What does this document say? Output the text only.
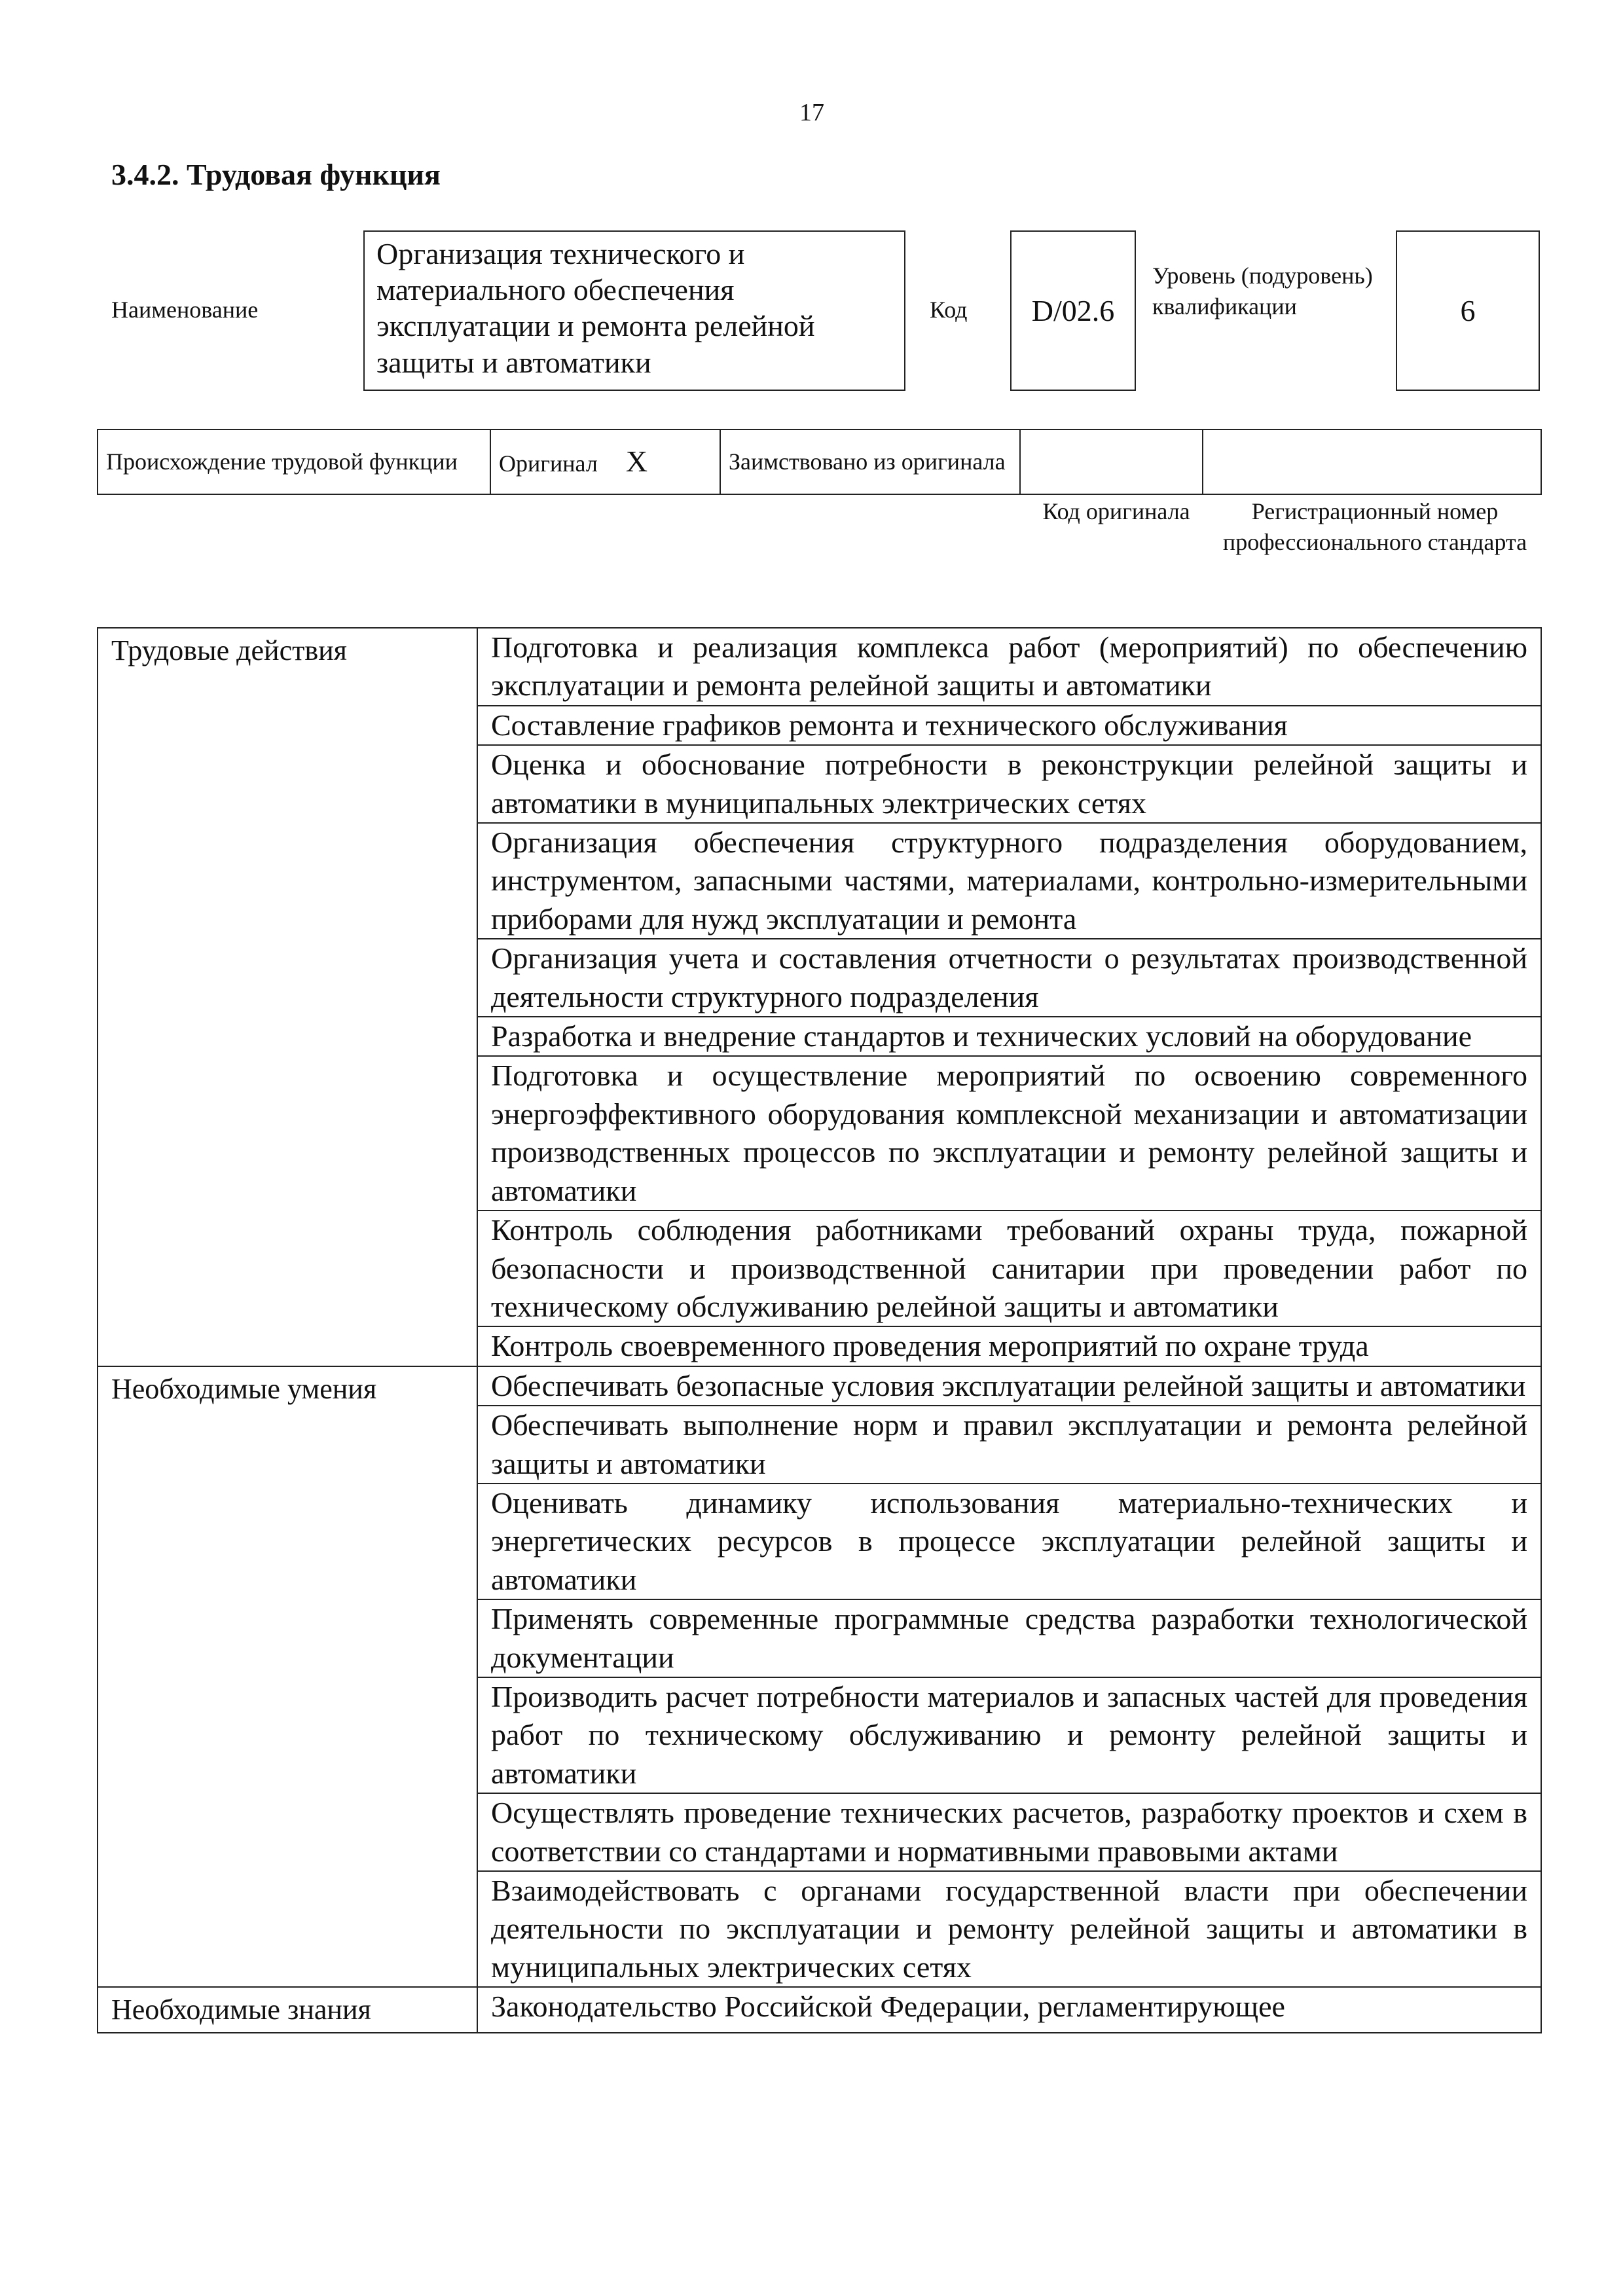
17
3.4.2. Трудовая функция
Наименование
Организация технического и материального обеспечения эксплуатации и ремонта релейной защиты и автоматики
Код	D/02.6
Уровень (подуровень) квалификации	6
Происхождение трудовой функции	Оригинал X	Заимствовано из оригинала		
Код оригинала	Регистрационный номер профессионального стандарта
Трудовые действия	Подготовка и реализация комплекса работ (мероприятий) по обеспечению эксплуатации и ремонта релейной защиты и автоматики
	Составление графиков ремонта и технического обслуживания
	Оценка и обоснование потребности в реконструкции релейной защиты и автоматики в муниципальных электрических сетях
	Организация обеспечения структурного подразделения оборудованием, инструментом, запасными частями, материалами, контрольно-измерительными приборами для нужд эксплуатации и ремонта
	Организация учета и составления отчетности о результатах производственной деятельности структурного подразделения
	Разработка и внедрение стандартов и технических условий на оборудование
	Подготовка и осуществление мероприятий по освоению современного энергоэффективного оборудования комплексной механизации и автоматизации производственных процессов по эксплуатации и ремонту релейной защиты и автоматики
	Контроль соблюдения работниками требований охраны труда, пожарной безопасности и производственной санитарии при проведении работ по техническому обслуживанию релейной защиты и автоматики
	Контроль своевременного проведения мероприятий по охране труда
Необходимые умения	Обеспечивать безопасные условия эксплуатации релейной защиты и автоматики
	Обеспечивать выполнение норм и правил эксплуатации и ремонта релейной защиты и автоматики
	Оценивать динамику использования материально-технических и энергетических ресурсов в процессе эксплуатации релейной защиты и автоматики
	Применять современные программные средства разработки технологической документации
	Производить расчет потребности материалов и запасных частей для проведения работ по техническому обслуживанию и ремонту релейной защиты и автоматики
	Осуществлять проведение технических расчетов, разработку проектов и схем в соответствии со стандартами и нормативными правовыми актами
	Взаимодействовать с органами государственной власти при обеспечении деятельности по эксплуатации и ремонту релейной защиты и автоматики в муниципальных электрических сетях
Необходимые знания	Законодательство Российской Федерации, регламентирующее
